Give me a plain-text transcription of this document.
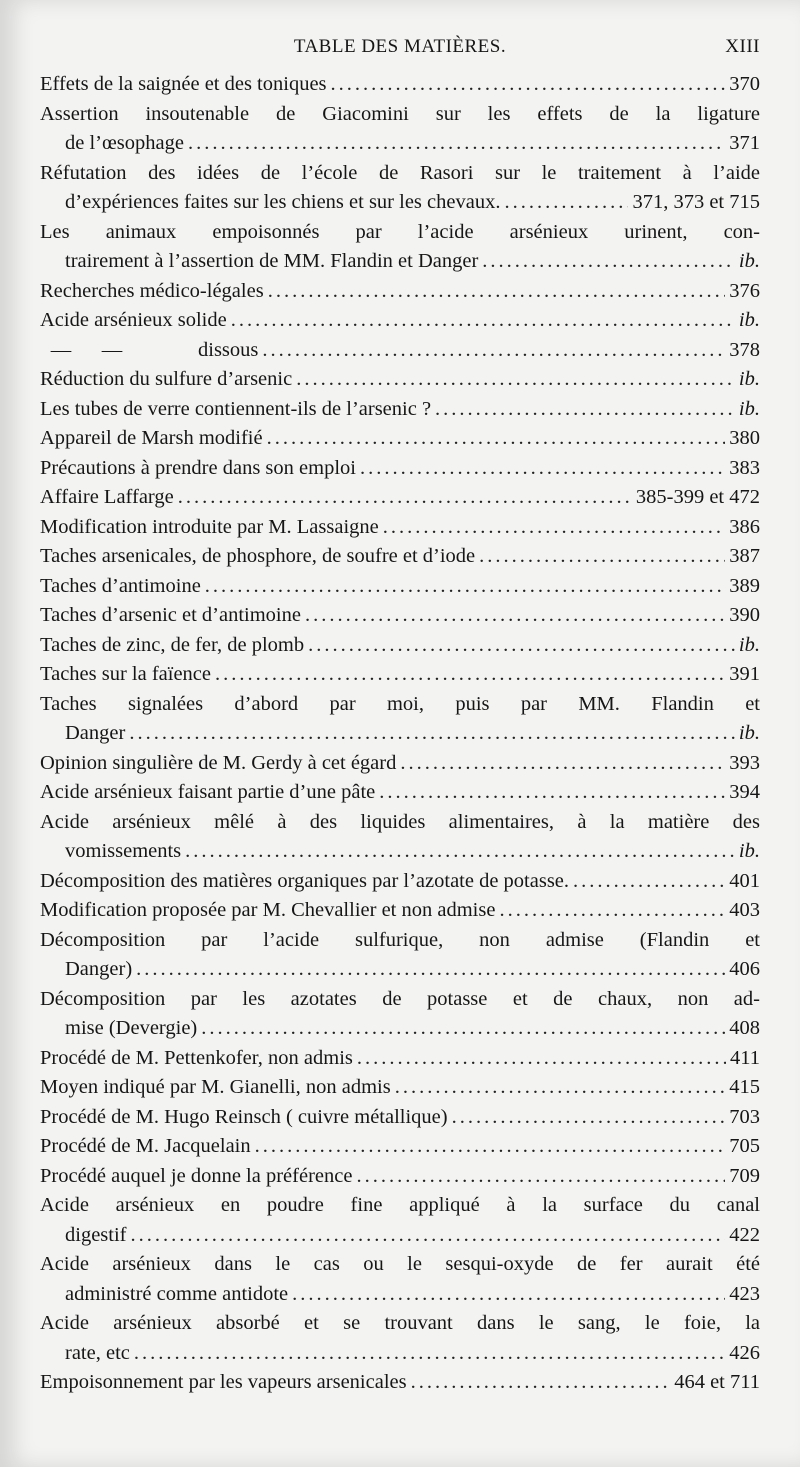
TABLE DES MATIÈRES.	XIII
Effets de la saignée et des toniques .....	370
Assertion insoutenable de Giacomini sur les effets de la ligature
de l’œsophage .....	371
Réfutation des idées de l’école de Rasori sur le traitement à l’aide
d’expériences faites sur les chiens et sur les chevaux. .....	371, 373 et 715
Les animaux empoisonnés par l’acide arsénieux urinent, con-
trairement à l’assertion de MM. Flandin et Danger .....	ib.
Recherches médico-légales .....	376
Acide arsénieux solide .....	ib.
— —	dissous .....	378
Réduction du sulfure d’arsenic .....	ib.
Les tubes de verre contiennent-ils de l’arsenic ? .....	ib.
Appareil de Marsh modifié .....	380
Précautions à prendre dans son emploi .....	383
Affaire Laffarge .....	385-399 et 472
Modification introduite par M. Lassaigne .....	386
Taches arsenicales, de phosphore, de soufre et d’iode .....	387
Taches d’antimoine .....	389
Taches d’arsenic et d’antimoine .....	390
Taches de zinc, de fer, de plomb .....	ib.
Taches sur la faïence .....	391
Taches signalées d’abord par moi, puis par MM. Flandin et
Danger .....	ib.
Opinion singulière de M. Gerdy à cet égard .....	393
Acide arsénieux faisant partie d’une pâte .....	394
Acide arsénieux mêlé à des liquides alimentaires, à la matière des
vomissements .....	ib.
Décomposition des matières organiques par l’azotate de potasse. .....	401
Modification proposée par M. Chevallier et non admise .....	403
Décomposition par l’acide sulfurique, non admise (Flandin et
Danger) .....	406
Décomposition par les azotates de potasse et de chaux, non ad-
mise (Devergie) .....	408
Procédé de M. Pettenkofer, non admis .....	411
Moyen indiqué par M. Gianelli, non admis .....	415
Procédé de M. Hugo Reinsch ( cuivre métallique) .....	703
Procédé de M. Jacquelain .....	705
Procédé auquel je donne la préférence .....	709
Acide arsénieux en poudre fine appliqué à la surface du canal
digestif .....	422
Acide arsénieux dans le cas ou le sesqui-oxyde de fer aurait été
administré comme antidote .....	423
Acide arsénieux absorbé et se trouvant dans le sang, le foie, la
rate, etc .....	426
Empoisonnement par les vapeurs arsenicales .....	464 et 711
